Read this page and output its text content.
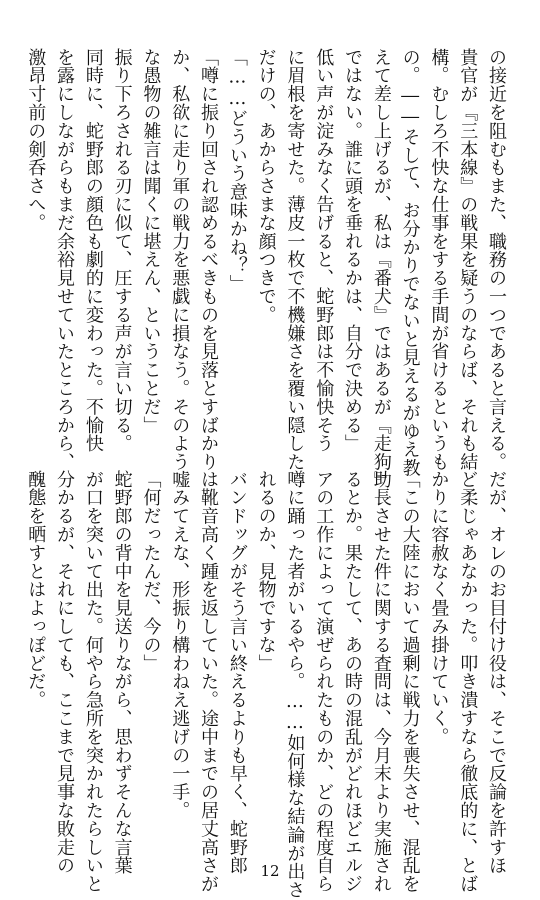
の接近を阻むもまた、職務の一つであると言える。
貴官が『三本線』の戦果を疑うのならば、それも結
構。むしろ不快な仕事をする手間が省けるというも
の。――そして、お分かりでないと見えるがゆえ教
えて差し上げるが、私は『番犬』ではあるが『走狗』
ではない。誰に頭を垂れるかは、自分で決める」
低い声が淀みなく告げると、蛇野郎は不愉快そう
に眉根を寄せた。薄皮一枚で不機嫌さを覆い隠した
だけの、あからさまな顔つきで。
「……どういう意味かね？」
「噂に振り回され認めるべきものを見落とすばかり
か、私欲に走り軍の戦力を悪戯に損なう。そのよう
な愚物の雑言は聞くに堪えん、ということだ」
振り下ろされる刃に似て、圧する声が言い切る。
同時に、蛇野郎の顔色も劇的に変わった。不愉快
を露にしながらもまだ余裕見せていたところから、
激昂寸前の剣呑さへ。
だが、オレのお目付け役は、そこで反論を許すほ
ど柔じゃあなかった。叩き潰すなら徹底的に、とば
かりに容赦なく畳み掛けていく。
「この大陸において過剰に戦力を喪失させ、混乱を
助長させた件に関する査問は、今月末より実施され
るとか。果たして、あの時の混乱がどれほどエルジ
アの工作によって演ぜられたものか、どの程度自ら
噂に踊った者がいるやら。……如何様な結論が出さ
れるのか、見物ですな」
バンドッグがそう言い終えるよりも早く、蛇野郎
は靴音高く踵を返していた。途中までの居丈高さが
嘘みてえな、形振り構わねえ逃げの一手。
「何だったんだ、今の」
蛇野郎の背中を見送りながら、思わずそんな言葉
が口を突いて出た。何やら急所を突かれたらしいと
分かるが、それにしても、ここまで見事な敗走の
醜態を晒すとはよっぽどだ。
12
